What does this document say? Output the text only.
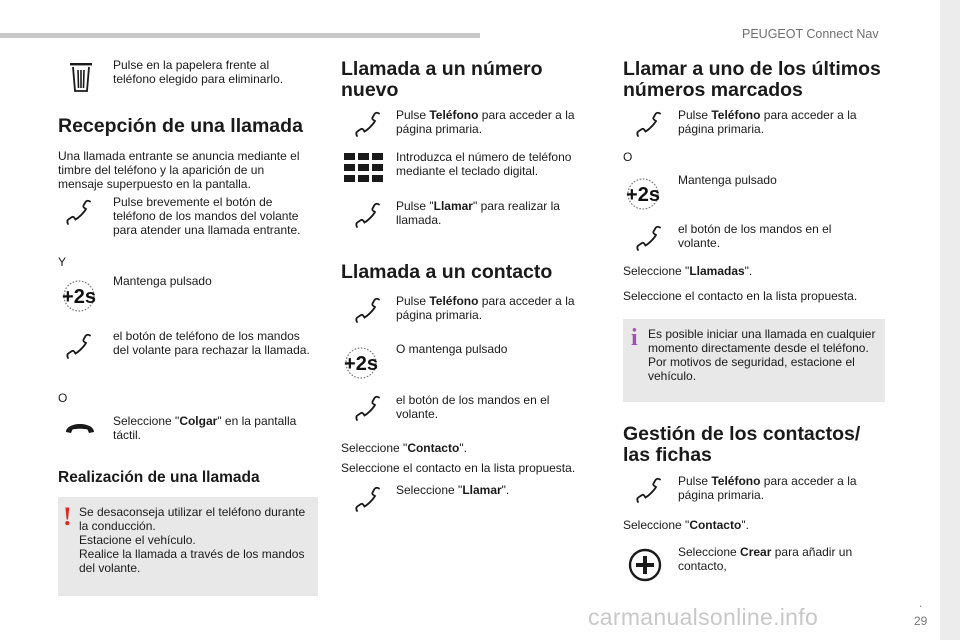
PEUGEOT Connect Nav
.
29
Pulse en la papelera frente al teléfono elegido para eliminarlo.
Recepción de una llamada
Una llamada entrante se anuncia mediante el timbre del teléfono y la aparición de un mensaje superpuesto en la pantalla.
Pulse brevemente el botón de teléfono de los mandos del volante para atender una llamada entrante.
Y
Mantenga pulsado
el botón de teléfono de los mandos del volante para rechazar la llamada.
O
Seleccione "Colgar" en la pantalla táctil.
Realización de una llamada
! Se desaconseja utilizar el teléfono durante la conducción.
Estacione el vehículo.
Realice la llamada a través de los mandos del volante.
Llamada a un número nuevo
Pulse Teléfono para acceder a la página primaria.
Introduzca el número de teléfono mediante el teclado digital.
Pulse "Llamar" para realizar la llamada.
Llamada a un contacto
Pulse Teléfono para acceder a la página primaria.
O mantenga pulsado
el botón de los mandos en el volante.
Seleccione "Contacto".
Seleccione el contacto en la lista propuesta.
Seleccione "Llamar".
Llamar a uno de los últimos números marcados
Pulse Teléfono para acceder a la página primaria.
O
Mantenga pulsado
el botón de los mandos en el volante.
Seleccione "Llamadas".
Seleccione el contacto en la lista propuesta.
i Es posible iniciar una llamada en cualquier momento directamente desde el teléfono. Por motivos de seguridad, estacione el vehículo.
Gestión de los contactos/ las fichas
Pulse Teléfono para acceder a la página primaria.
Seleccione "Contacto".
Seleccione Crear para añadir un contacto,
carmanualsonline.info
